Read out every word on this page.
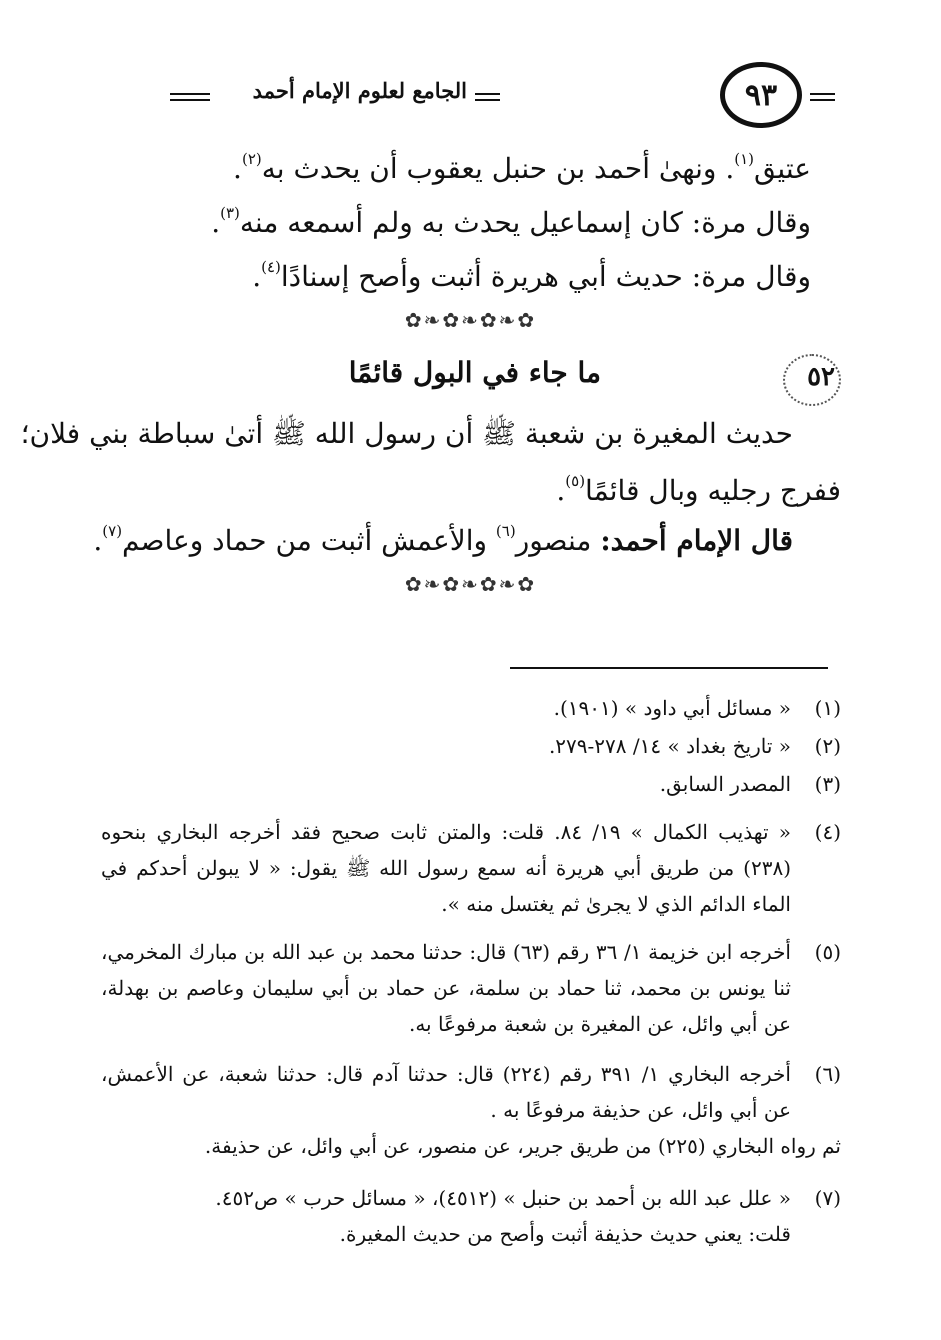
٩٣
الجامع لعلوم الإمام أحمد
عتيق$^{(١)}$. ونهىٰ أحمد بن حنبل يعقوب أن يحدث به$^{(٢)}$.
وقال مرة: كان إسماعيل يحدث به ولم أسمعه منه$^{(٣)}$.
وقال مرة: حديث أبي هريرة أثبت وأصح إسنادًا$^{(٤)}$.
✿❧✿❧✿❧✿
٥٢
ما جاء في البول قائمًا
حديث المغيرة بن شعبة ﷺ أن رسول الله ﷺ أتىٰ سباطة بني فلان؛
ففرج رجليه وبال قائمًا$^{(٥)}$.
قال الإمام أحمد: منصور$^{(٦)}$ والأعمش أثبت من حماد وعاصم$^{(٧)}$.
✿❧✿❧✿❧✿
(١)
« مسائل أبي داود » (١٩٠١).
(٢)
« تاريخ بغداد » ١٤/ ٢٧٨-٢٧٩.
(٣)
المصدر السابق.
(٤)
« تهذيب الكمال » ١٩/ ٨٤. قلت: والمتن ثابت صحيح فقد أخرجه البخاري بنحوه (٢٣٨) من طريق أبي هريرة أنه سمع رسول الله ﷺ يقول: « لا يبولن أحدكم في الماء الدائم الذي لا يجرىٰ ثم يغتسل منه ».
(٥)
أخرجه ابن خزيمة ١/ ٣٦ رقم (٦٣) قال: حدثنا محمد بن عبد الله بن مبارك المخرمي، ثنا يونس بن محمد، ثنا حماد بن سلمة، عن حماد بن أبي سليمان وعاصم بن بهدلة، عن أبي وائل، عن المغيرة بن شعبة مرفوعًا به.
(٦)
أخرجه البخاري ١/ ٣٩١ رقم (٢٢٤) قال: حدثنا آدم قال: حدثنا شعبة، عن الأعمش، عن أبي وائل، عن حذيفة مرفوعًا به .
ثم رواه البخاري (٢٢٥) من طريق جرير، عن منصور، عن أبي وائل، عن حذيفة.
(٧)
« علل عبد الله بن أحمد بن حنبل » (٤٥١٢)، « مسائل حرب » ص٤٥٢.
قلت: يعني حديث حذيفة أثبت وأصح من حديث المغيرة.
